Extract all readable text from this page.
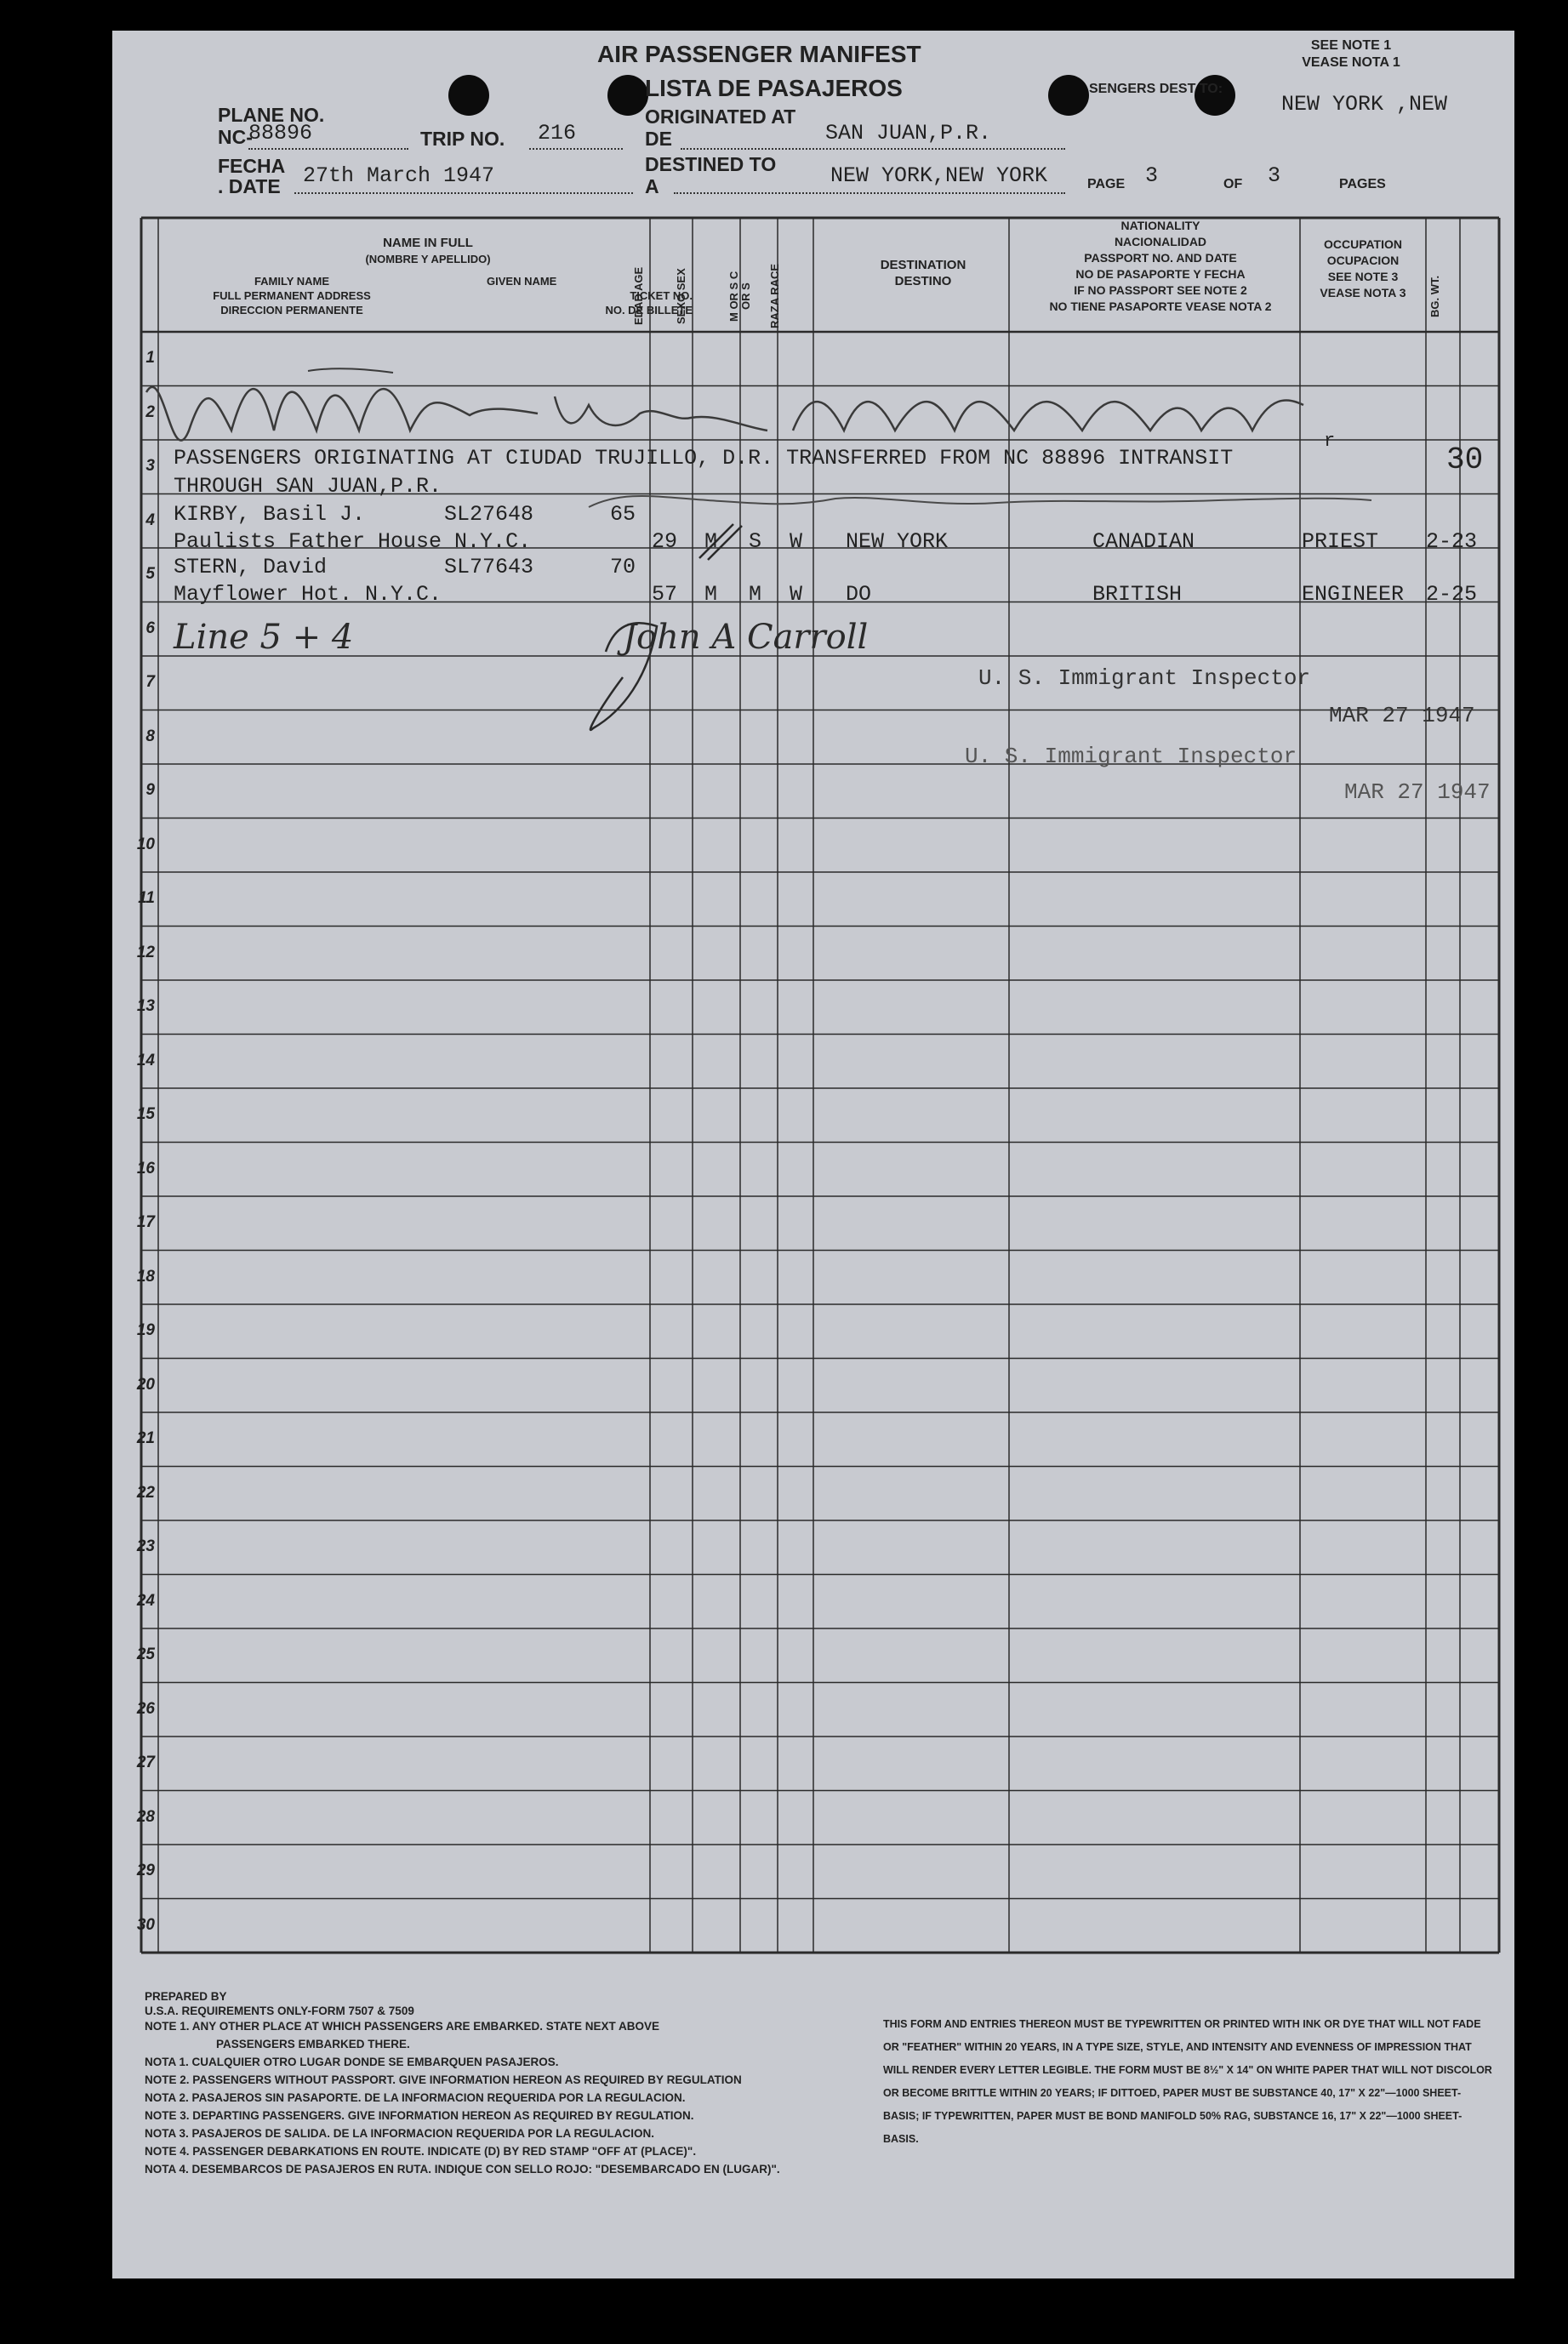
AIR PASSENGER MANIFEST
LISTA DE PASAJEROS
SEE NOTE 1
VEASE NOTA 1
SENGERS DEST TO:
NEW YORK ,NEW
PLANE NO.
NC-
88896	TRIP NO. 216
ORIGINATED AT
DE	SAN JUAN,P.R.
FECHA
. DATE 27th March 1947	DESTINED TO
A	NEW YORK,NEW YORK	PAGE 3	OF 3	PAGES
NAME IN FULL
(NOMBRE Y APELLIDO)
FAMILY NAME
FULL PERMANENT ADDRESS
DIRECCION PERMANENTE
GIVEN NAME
TICKET NO.
NO. DE BILLETE
EDAD AGE	SEXO SEX	M OR S C OR S RAZA RACE	DESTINATION
DESTINO
NATIONALITY
NACIONALIDAD
PASSPORT NO. AND DATE
NO DE PASAPORTE Y FECHA
IF NO PASSPORT SEE NOTE 2
NO TIENE PASAPORTE VEASE NOTA 2
OCCUPATION
OCUPACION
SEE NOTE 3
VEASE NOTA 3	BG. WT.
1
2
3
4
5
6
7
8
9
10
11
12
13
14
15
16
17
18
19
20
21
22
23
24
25
26
27
28
29
30
PASSENGERS ORIGINATING AT CIUDAD TRUJILLO, D.R. TRANSFERRED FROM NC 88896 INTRANSIT
THROUGH SAN JUAN,P.R.
30
r
KIRBY, Basil J.	SL27648	65
Paulists Father House N.Y.C.	29 M S W NEW YORK	CANADIAN	PRIEST 2-23
STERN, David	SL77643	70
Mayflower Hot. N.Y.C.	57 M M W DO	BRITISH	ENGINEER 2-25
Line 5 + 4	John A Carroll
U. S. Immigrant Inspector
MAR 27 1947
U. S. Immigrant Inspector
MAR 27 1947
PREPARED BY
U.S.A. REQUIREMENTS ONLY-FORM 7507 & 7509
NOTE 1. ANY OTHER PLACE AT WHICH PASSENGERS ARE EMBARKED. STATE NEXT ABOVE
PASSENGERS EMBARKED THERE.
NOTA 1. CUALQUIER OTRO LUGAR DONDE SE EMBARQUEN PASAJEROS.
NOTE 2. PASSENGERS WITHOUT PASSPORT. GIVE INFORMATION HEREON AS REQUIRED BY REGULATION
NOTA 2. PASAJEROS SIN PASAPORTE. DE LA INFORMACION REQUERIDA POR LA REGULACION.
NOTE 3. DEPARTING PASSENGERS. GIVE INFORMATION HEREON AS REQUIRED BY REGULATION.
NOTA 3. PASAJEROS DE SALIDA. DE LA INFORMACION REQUERIDA POR LA REGULACION.
NOTE 4. PASSENGER DEBARKATIONS EN ROUTE. INDICATE (D) BY RED STAMP "OFF AT (PLACE)".
NOTA 4. DESEMBARCOS DE PASAJEROS EN RUTA. INDIQUE CON SELLO ROJO: "DESEMBARCADO EN (LUGAR)".
THIS FORM AND ENTRIES THEREON MUST BE TYPEWRITTEN OR PRINTED WITH INK OR DYE THAT WILL NOT FADE OR "FEATHER" WITHIN 20 YEARS, IN A TYPE SIZE, STYLE, AND INTENSITY AND EVENNESS OF IMPRESSION THAT WILL RENDER EVERY LETTER LEGIBLE. THE FORM MUST BE 8½" X 14" ON WHITE PAPER THAT WILL NOT DISCOLOR OR BECOME BRITTLE WITHIN 20 YEARS; IF DITTOED, PAPER MUST BE SUBSTANCE 40, 17" X 22"—1000 SHEET-BASIS; IF TYPEWRITTEN, PAPER MUST BE BOND MANIFOLD 50% RAG, SUBSTANCE 16, 17" X 22"—1000 SHEET-BASIS.
